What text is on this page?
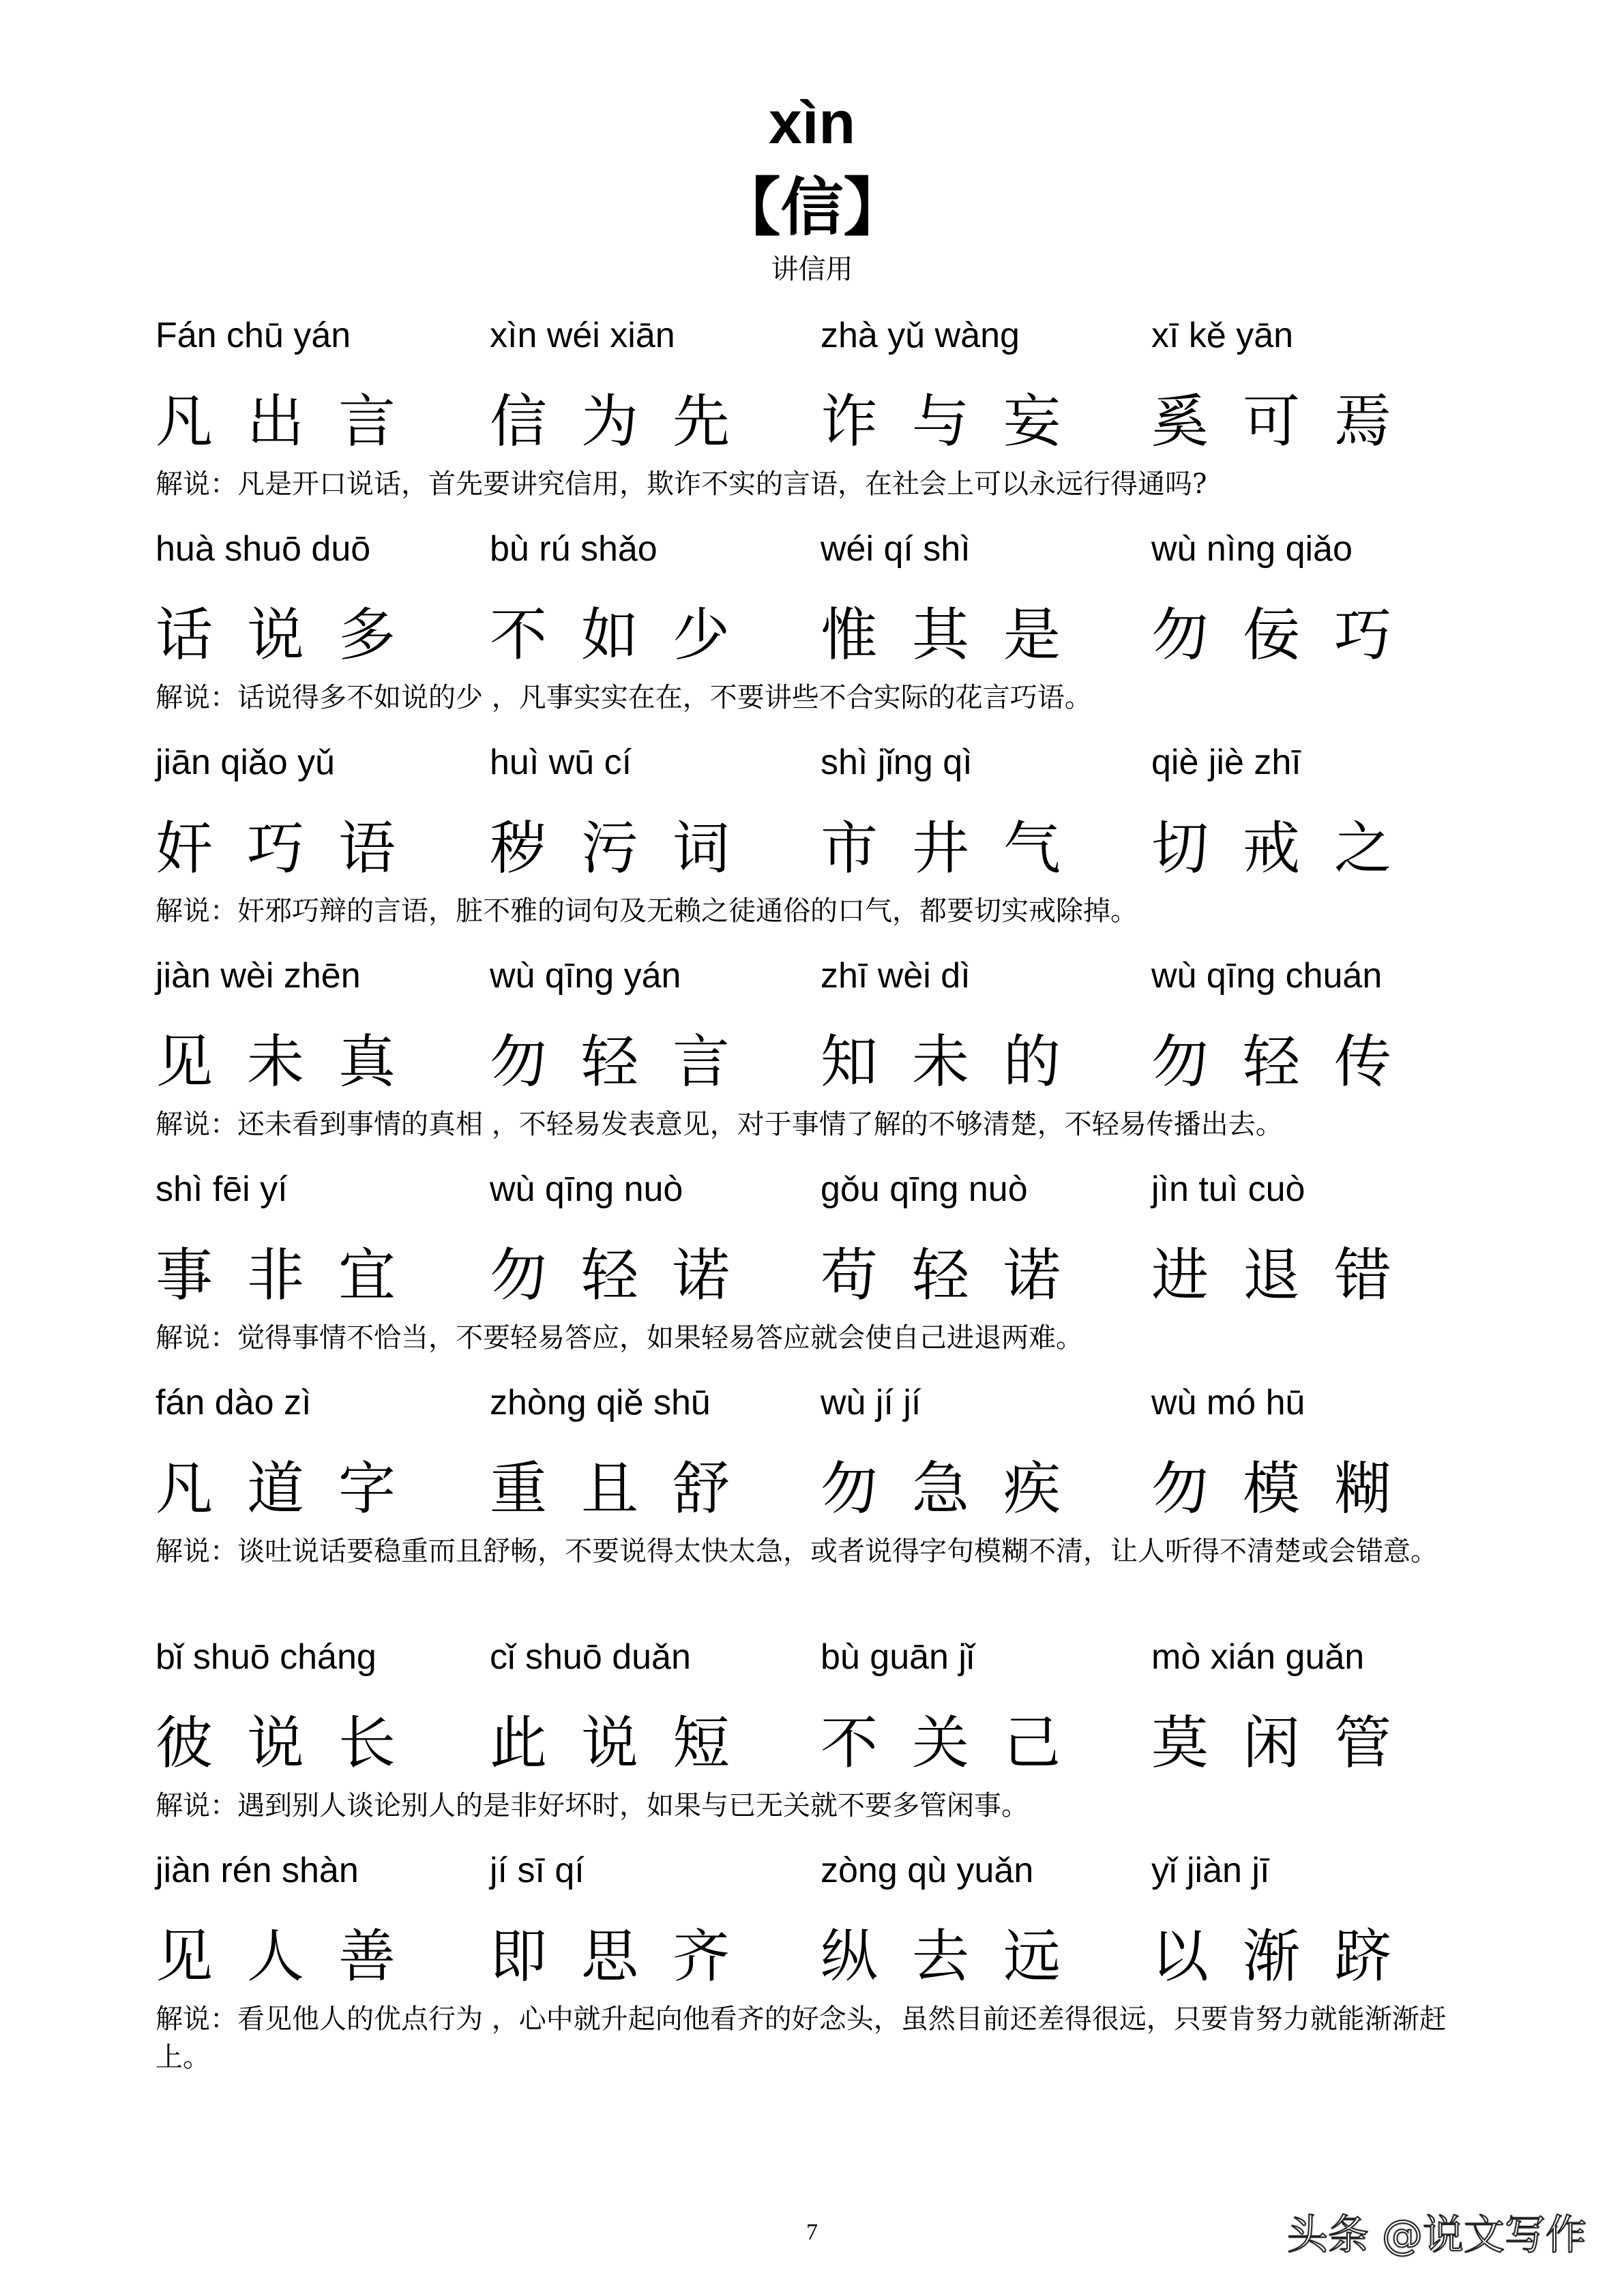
xìn
【信】
讲信用
Fán chū yán	xìn wéi xiān	zhà yǔ wàng	xī kě yān
凡出言 信为先 诈与妄 奚可焉
解说：凡是开口说话，首先要讲究信用，欺诈不实的言语，在社会上可以永远行得通吗?
huà shuō duō	bù rú shǎo	wéi qí shì	wù nìng qiǎo
话说多 不如少 惟其是 勿佞巧
解说：话说得多不如说的少 ，凡事实实在在，不要讲些不合实际的花言巧语。
jiān qiǎo yǔ	huì wū cí	shì jǐng qì	qiè jiè zhī
奸巧语 秽污词 市井气 切戒之
解说：奸邪巧辩的言语，脏不雅的词句及无赖之徒通俗的口气，都要切实戒除掉。
jiàn wèi zhēn	wù qīng yán	zhī wèi dì	wù qīng chuán
见未真 勿轻言 知未的 勿轻传
解说：还未看到事情的真相 ，不轻易发表意见，对于事情了解的不够清楚，不轻易传播出去。
shì fēi yí	wù qīng nuò	gǒu qīng nuò	jìn tuì cuò
事非宜 勿轻诺 苟轻诺 进退错
解说：觉得事情不恰当，不要轻易答应，如果轻易答应就会使自己进退两难。
fán dào zì	zhòng qiě shū	wù jí jí	wù mó hū
凡道字 重且舒 勿急疾 勿模糊
解说：谈吐说话要稳重而且舒畅，不要说得太快太急，或者说得字句模糊不清，让人听得不清楚或会错意。
bǐ shuō cháng	cǐ shuō duǎn	bù guān jǐ	mò xián guǎn
彼说长 此说短 不关己 莫闲管
解说：遇到别人谈论别人的是非好坏时，如果与已无关就不要多管闲事。
jiàn rén shàn	jí sī qí	zòng qù yuǎn	yǐ jiàn jī
见人善 即思齐 纵去远 以渐跻
解说：看见他人的优点行为 ，心中就升起向他看齐的好念头，虽然目前还差得很远，只要肯努力就能渐渐赶上。
7	头条 @说文写作
